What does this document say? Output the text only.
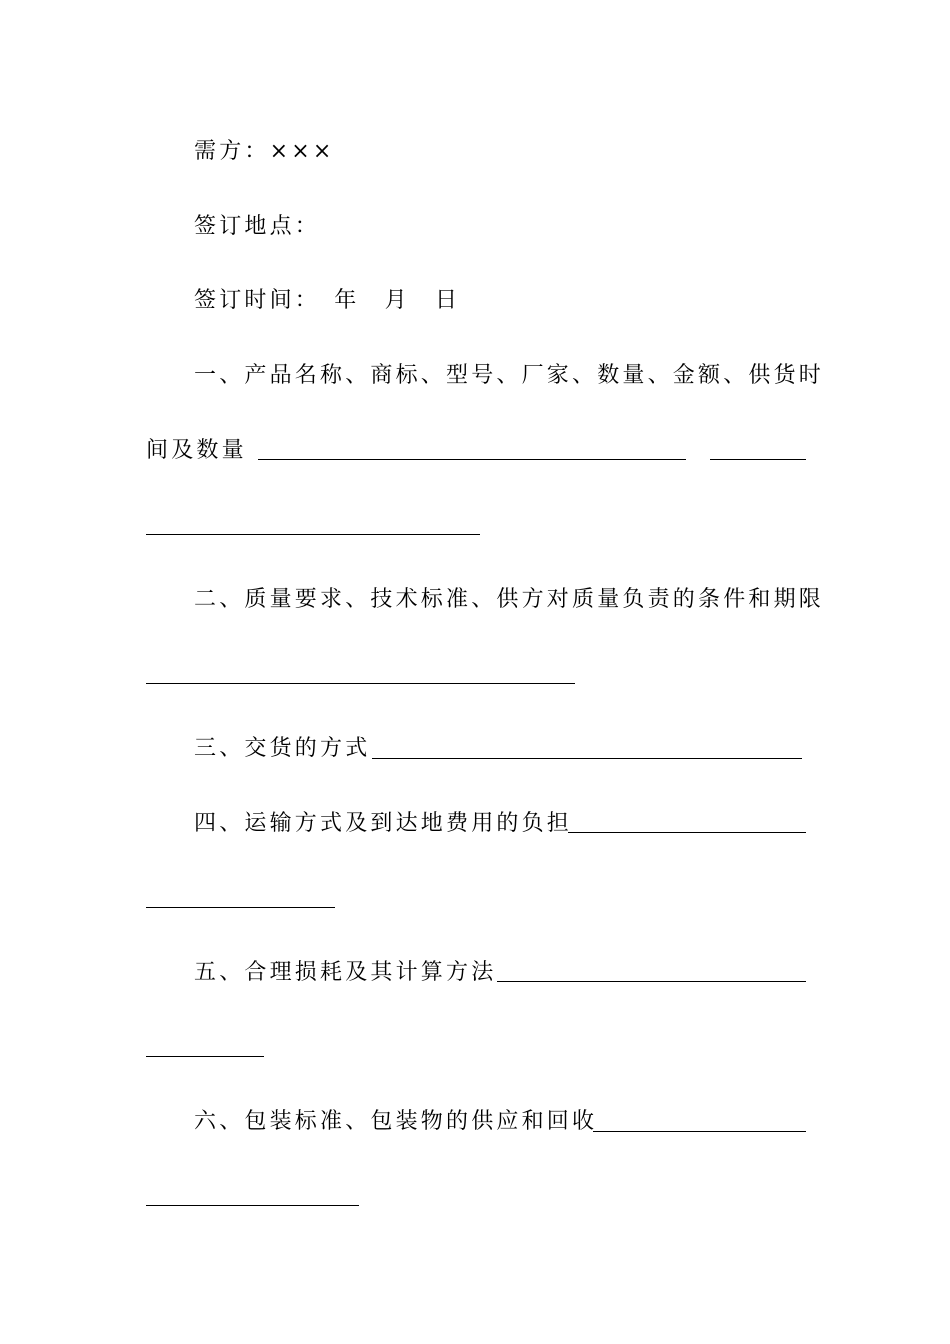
需方：×××
签订地点：
签订时间：　年　月　日
一、产品名称、商标、型号、厂家、数量、金额、供货时
间及数量
二、质量要求、技术标准、供方对质量负责的条件和期限
三、交货的方式
四、运输方式及到达地费用的负担
五、合理损耗及其计算方法
六、包装标准、包装物的供应和回收
